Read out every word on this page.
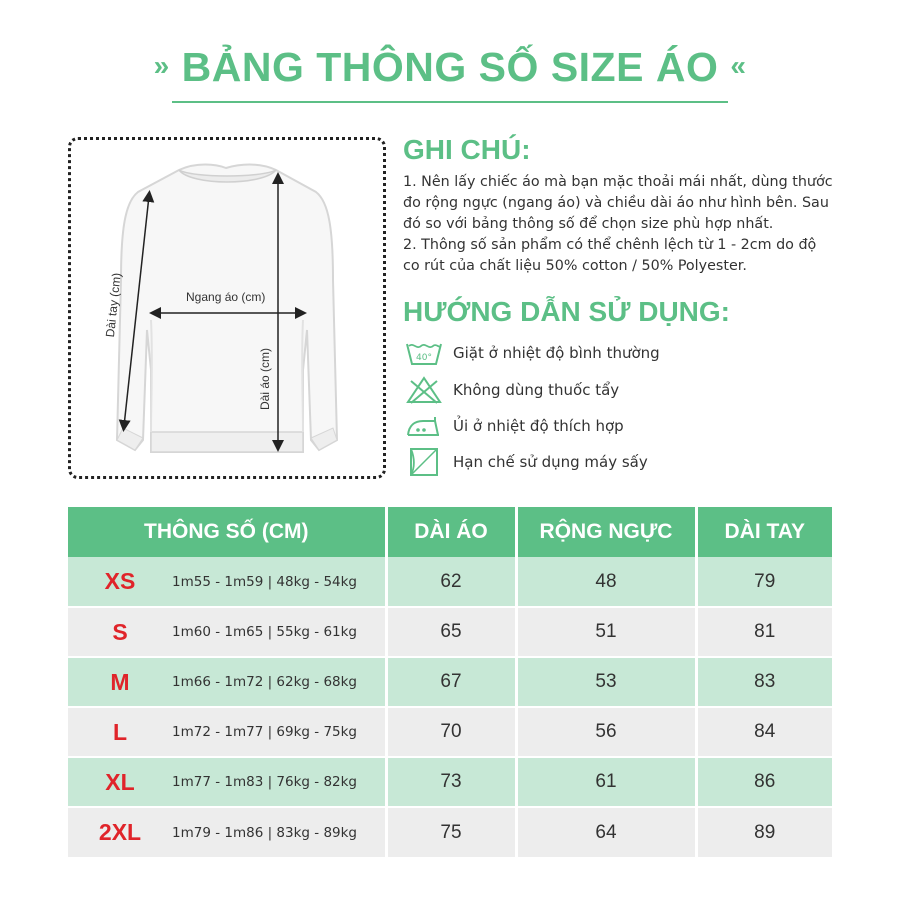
» BẢNG THÔNG SỐ SIZE ÁO «
Dài tay (cm)	Ngang áo (cm)
Dài áo (cm)
GHI CHÚ:
1. Nên lấy chiếc áo mà bạn mặc thoải mái nhất, dùng thước
đo rộng ngực (ngang áo) và chiều dài áo như hình bên. Sau
đó so với bảng thông số để chọn size phù hợp nhất.
2. Thông số sản phẩm có thể chênh lệch từ 1 - 2cm do độ
co rút của chất liệu 50% cotton / 50% Polyester.
HƯỚNG DẪN SỬ DỤNG:
40° Giặt ở nhiệt độ bình thường
Không dùng thuốc tẩy
Ủi ở nhiệt độ thích hợp
Hạn chế sử dụng máy sấy
THÔNG SỐ (CM)	DÀI ÁO	RỘNG NGỰC	DÀI TAY
XS 1m55 - 1m59 | 48kg - 54kg	62	48	79
S 1m60 - 1m65 | 55kg - 61kg	65	51	81
M 1m66 - 1m72 | 62kg - 68kg	67	53	83
L 1m72 - 1m77 | 69kg - 75kg	70	56	84
XL 1m77 - 1m83 | 76kg - 82kg	73	61	86
2XL 1m79 - 1m86 | 83kg - 89kg	75	64	89
